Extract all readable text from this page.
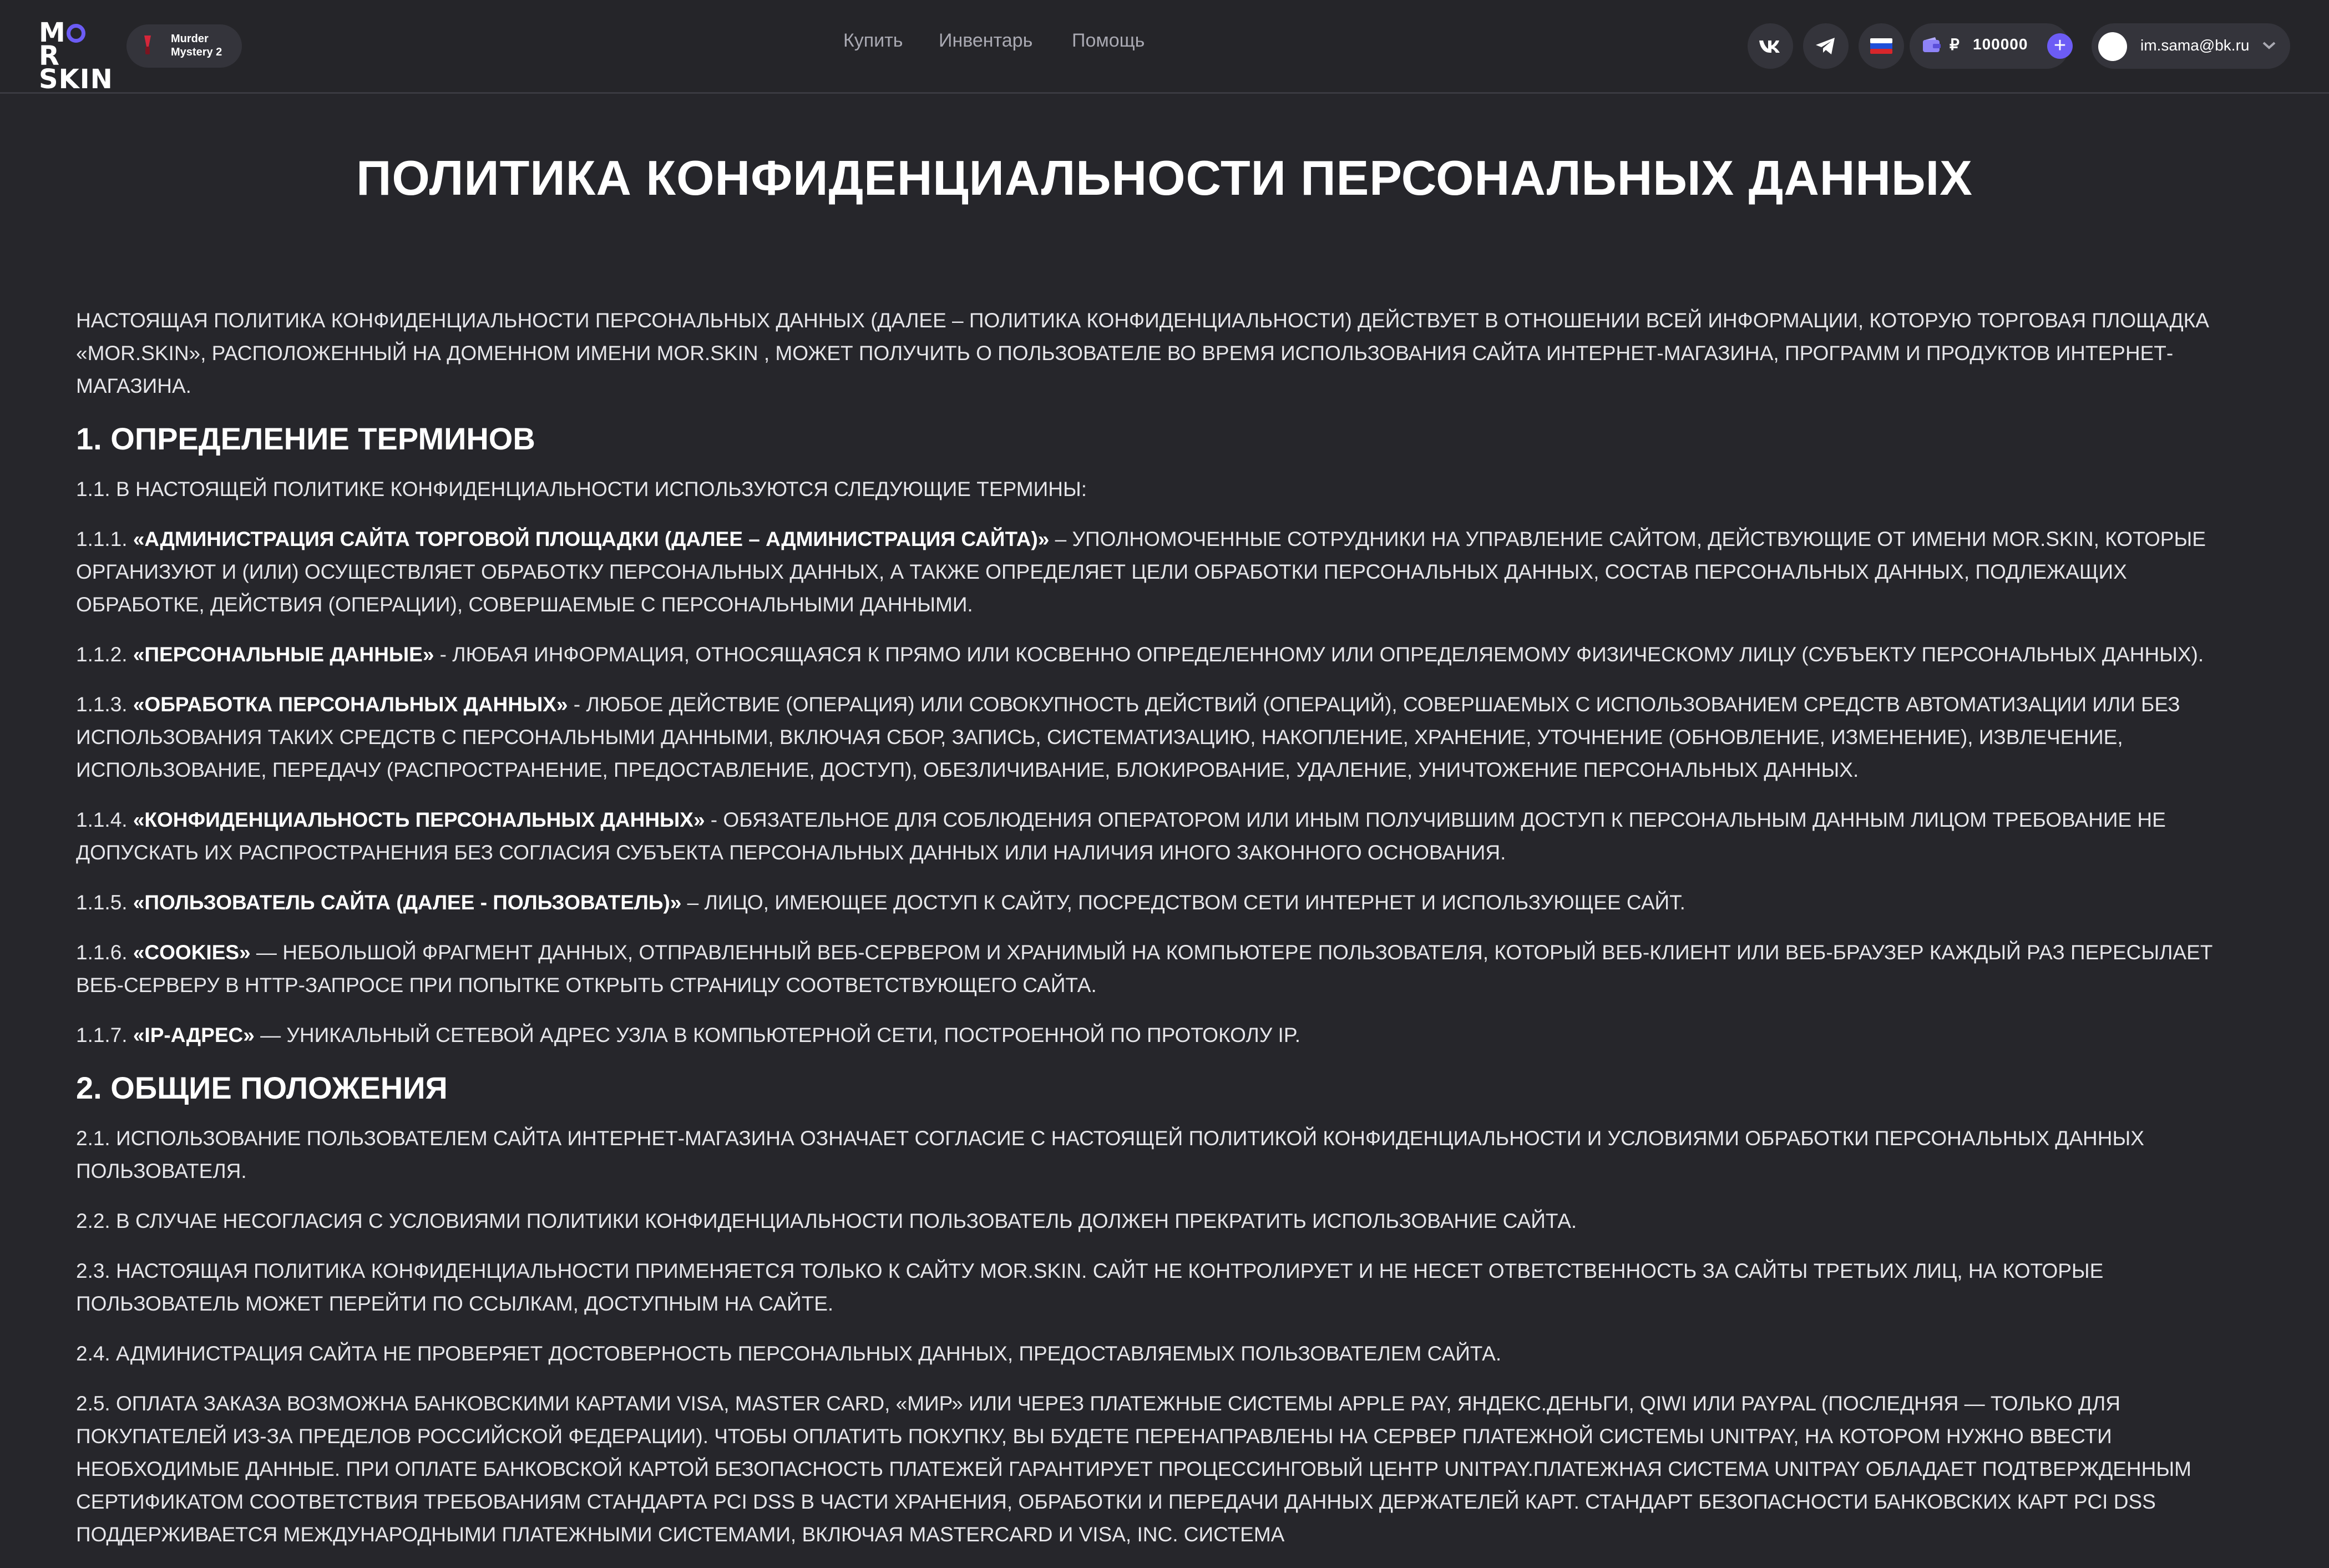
MR
SKIN
Murder
Mystery 2
Купить Инвентарь Помощь	₽ 100000	+	im.sama@bk.ru
ПОЛИТИКА КОНФИДЕНЦИАЛЬНОСТИ ПЕРСОНАЛЬНЫХ ДАННЫХ

НАСТОЯЩАЯ ПОЛИТИКА КОНФИДЕНЦИАЛЬНОСТИ ПЕРСОНАЛЬНЫХ ДАННЫХ (ДАЛЕЕ – ПОЛИТИКА КОНФИДЕНЦИАЛЬНОСТИ) ДЕЙСТВУЕТ В ОТНОШЕНИИ ВСЕЙ ИНФОРМАЦИИ, КОТОРУЮ ТОРГОВАЯ ПЛОЩАДКА «MOR.SKIN», РАСПОЛОЖЕННЫЙ НА ДОМЕННОМ ИМЕНИ MOR.SKIN , МОЖЕТ ПОЛУЧИТЬ О ПОЛЬЗОВАТЕЛЕ ВО ВРЕМЯ ИСПОЛЬЗОВАНИЯ САЙТА ИНТЕРНЕТ-МАГАЗИНА, ПРОГРАММ И ПРОДУКТОВ ИНТЕРНЕТ-МАГАЗИНА.

1. ОПРЕДЕЛЕНИЕ ТЕРМИНОВ

1.1. В НАСТОЯЩЕЙ ПОЛИТИКЕ КОНФИДЕНЦИАЛЬНОСТИ ИСПОЛЬЗУЮТСЯ СЛЕДУЮЩИЕ ТЕРМИНЫ:

1.1.1. «АДМИНИСТРАЦИЯ САЙТА ТОРГОВОЙ ПЛОЩАДКИ (ДАЛЕЕ – АДМИНИСТРАЦИЯ САЙТА)» – УПОЛНОМОЧЕННЫЕ СОТРУДНИКИ НА УПРАВЛЕНИЕ САЙТОМ, ДЕЙСТВУЮЩИЕ ОТ ИМЕНИ MOR.SKIN, КОТОРЫЕ ОРГАНИЗУЮТ И (ИЛИ) ОСУЩЕСТВЛЯЕТ ОБРАБОТКУ ПЕРСОНАЛЬНЫХ ДАННЫХ, А ТАКЖЕ ОПРЕДЕЛЯЕТ ЦЕЛИ ОБРАБОТКИ ПЕРСОНАЛЬНЫХ ДАННЫХ, СОСТАВ ПЕРСОНАЛЬНЫХ ДАННЫХ, ПОДЛЕЖАЩИХ ОБРАБОТКЕ, ДЕЙСТВИЯ (ОПЕРАЦИИ), СОВЕРШАЕМЫЕ С ПЕРСОНАЛЬНЫМИ ДАННЫМИ.

1.1.2. «ПЕРСОНАЛЬНЫЕ ДАННЫЕ» - ЛЮБАЯ ИНФОРМАЦИЯ, ОТНОСЯЩАЯСЯ К ПРЯМО ИЛИ КОСВЕННО ОПРЕДЕЛЕННОМУ ИЛИ ОПРЕДЕЛЯЕМОМУ ФИЗИЧЕСКОМУ ЛИЦУ (СУБЪЕКТУ ПЕРСОНАЛЬНЫХ ДАННЫХ).

1.1.3. «ОБРАБОТКА ПЕРСОНАЛЬНЫХ ДАННЫХ» - ЛЮБОЕ ДЕЙСТВИЕ (ОПЕРАЦИЯ) ИЛИ СОВОКУПНОСТЬ ДЕЙСТВИЙ (ОПЕРАЦИЙ), СОВЕРШАЕМЫХ С ИСПОЛЬЗОВАНИЕМ СРЕДСТВ АВТОМАТИЗАЦИИ ИЛИ БЕЗ ИСПОЛЬЗОВАНИЯ ТАКИХ СРЕДСТВ С ПЕРСОНАЛЬНЫМИ ДАННЫМИ, ВКЛЮЧАЯ СБОР, ЗАПИСЬ, СИСТЕМАТИЗАЦИЮ, НАКОПЛЕНИЕ, ХРАНЕНИЕ, УТОЧНЕНИЕ (ОБНОВЛЕНИЕ, ИЗМЕНЕНИЕ), ИЗВЛЕЧЕНИЕ, ИСПОЛЬЗОВАНИЕ, ПЕРЕДАЧУ (РАСПРОСТРАНЕНИЕ, ПРЕДОСТАВЛЕНИЕ, ДОСТУП), ОБЕЗЛИЧИВАНИЕ, БЛОКИРОВАНИЕ, УДАЛЕНИЕ, УНИЧТОЖЕНИЕ ПЕРСОНАЛЬНЫХ ДАННЫХ.

1.1.4. «КОНФИДЕНЦИАЛЬНОСТЬ ПЕРСОНАЛЬНЫХ ДАННЫХ» - ОБЯЗАТЕЛЬНОЕ ДЛЯ СОБЛЮДЕНИЯ ОПЕРАТОРОМ ИЛИ ИНЫМ ПОЛУЧИВШИМ ДОСТУП К ПЕРСОНАЛЬНЫМ ДАННЫМ ЛИЦОМ ТРЕБОВАНИЕ НЕ ДОПУСКАТЬ ИХ РАСПРОСТРАНЕНИЯ БЕЗ СОГЛАСИЯ СУБЪЕКТА ПЕРСОНАЛЬНЫХ ДАННЫХ ИЛИ НАЛИЧИЯ ИНОГО ЗАКОННОГО ОСНОВАНИЯ.

1.1.5. «ПОЛЬЗОВАТЕЛЬ САЙТА (ДАЛЕЕ - ПОЛЬЗОВАТЕЛЬ)» – ЛИЦО, ИМЕЮЩЕЕ ДОСТУП К САЙТУ, ПОСРЕДСТВОМ СЕТИ ИНТЕРНЕТ И ИСПОЛЬЗУЮЩЕЕ САЙТ.

1.1.6. «COOKIES» — НЕБОЛЬШОЙ ФРАГМЕНТ ДАННЫХ, ОТПРАВЛЕННЫЙ ВЕБ-СЕРВЕРОМ И ХРАНИМЫЙ НА КОМПЬЮТЕРЕ ПОЛЬЗОВАТЕЛЯ, КОТОРЫЙ ВЕБ-КЛИЕНТ ИЛИ ВЕБ-БРАУЗЕР КАЖДЫЙ РАЗ ПЕРЕСЫЛАЕТ ВЕБ-СЕРВЕРУ В HTTP-ЗАПРОСЕ ПРИ ПОПЫТКЕ ОТКРЫТЬ СТРАНИЦУ СООТВЕТСТВУЮЩЕГО САЙТА.

1.1.7. «IP-АДРЕС» — УНИКАЛЬНЫЙ СЕТЕВОЙ АДРЕС УЗЛА В КОМПЬЮТЕРНОЙ СЕТИ, ПОСТРОЕННОЙ ПО ПРОТОКОЛУ IP.

2. ОБЩИЕ ПОЛОЖЕНИЯ

2.1. ИСПОЛЬЗОВАНИЕ ПОЛЬЗОВАТЕЛЕМ САЙТА ИНТЕРНЕТ-МАГАЗИНА ОЗНАЧАЕТ СОГЛАСИЕ С НАСТОЯЩЕЙ ПОЛИТИКОЙ КОНФИДЕНЦИАЛЬНОСТИ И УСЛОВИЯМИ ОБРАБОТКИ ПЕРСОНАЛЬНЫХ ДАННЫХ ПОЛЬЗОВАТЕЛЯ.

2.2. В СЛУЧАЕ НЕСОГЛАСИЯ С УСЛОВИЯМИ ПОЛИТИКИ КОНФИДЕНЦИАЛЬНОСТИ ПОЛЬЗОВАТЕЛЬ ДОЛЖЕН ПРЕКРАТИТЬ ИСПОЛЬЗОВАНИЕ САЙТА.

2.3. НАСТОЯЩАЯ ПОЛИТИКА КОНФИДЕНЦИАЛЬНОСТИ ПРИМЕНЯЕТСЯ ТОЛЬКО К САЙТУ MOR.SKIN. САЙТ НЕ КОНТРОЛИРУЕТ И НЕ НЕСЕТ ОТВЕТСТВЕННОСТЬ ЗА САЙТЫ ТРЕТЬИХ ЛИЦ, НА КОТОРЫЕ ПОЛЬЗОВАТЕЛЬ МОЖЕТ ПЕРЕЙТИ ПО ССЫЛКАМ, ДОСТУПНЫМ НА САЙТЕ.

2.4. АДМИНИСТРАЦИЯ САЙТА НЕ ПРОВЕРЯЕТ ДОСТОВЕРНОСТЬ ПЕРСОНАЛЬНЫХ ДАННЫХ, ПРЕДОСТАВЛЯЕМЫХ ПОЛЬЗОВАТЕЛЕМ САЙТА.

2.5. ОПЛАТА ЗАКАЗА ВОЗМОЖНА БАНКОВСКИМИ КАРТАМИ VISA, MASTER CARD, «МИР» ИЛИ ЧЕРЕЗ ПЛАТЕЖНЫЕ СИСТЕМЫ APPLE PAY, ЯНДЕКС.ДЕНЬГИ, QIWI ИЛИ PAYPAL (ПОСЛЕДНЯЯ — ТОЛЬКО ДЛЯ ПОКУПАТЕЛЕЙ ИЗ-ЗА ПРЕДЕЛОВ РОССИЙСКОЙ ФЕДЕРАЦИИ). ЧТОБЫ ОПЛАТИТЬ ПОКУПКУ, ВЫ БУДЕТЕ ПЕРЕНАПРАВЛЕНЫ НА СЕРВЕР ПЛАТЕЖНОЙ СИСТЕМЫ UNITPAY, НА КОТОРОМ НУЖНО ВВЕСТИ НЕОБХОДИМЫЕ ДАННЫЕ. ПРИ ОПЛАТЕ БАНКОВСКОЙ КАРТОЙ БЕЗОПАСНОСТЬ ПЛАТЕЖЕЙ ГАРАНТИРУЕТ ПРОЦЕССИНГОВЫЙ ЦЕНТР UNITPAY.ПЛАТЕЖНАЯ СИСТЕМА UNITPAY ОБЛАДАЕТ ПОДТВЕРЖДЕННЫМ СЕРТИФИКАТОМ СООТВЕТСТВИЯ ТРЕБОВАНИЯМ СТАНДАРТА PCI DSS В ЧАСТИ ХРАНЕНИЯ, ОБРАБОТКИ И ПЕРЕДАЧИ ДАННЫХ ДЕРЖАТЕЛЕЙ КАРТ. СТАНДАРТ БЕЗОПАСНОСТИ БАНКОВСКИХ КАРТ PCI DSS ПОДДЕРЖИВАЕТСЯ МЕЖДУНАРОДНЫМИ ПЛАТЕЖНЫМИ СИСТЕМАМИ, ВКЛЮЧАЯ MASTERCARD И VISA, INC. СИСТЕМА
